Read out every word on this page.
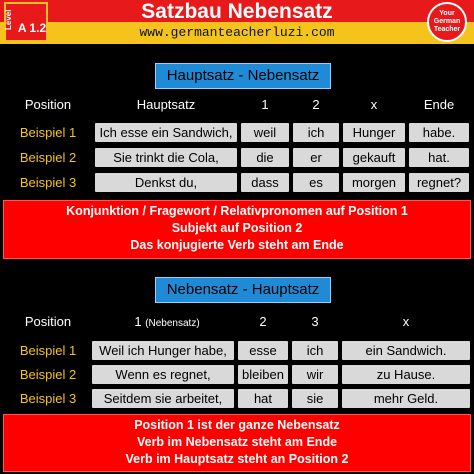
Satzbau Nebensatz
www.germanteacherluzi.com
Level A 1.2
Your
German
Teacher
Hauptsatz - Nebensatz
Position	Hauptsatz	1	2	x	Ende
Beispiel 1	Ich esse ein Sandwich,	weil	ich	Hunger	habe.
Beispiel 2	Sie trinkt die Cola,	die	er	gekauft	hat.
Beispiel 3	Denkst du,	dass	es	morgen	regnet?
Konjunktion / Fragewort / Relativpronomen auf Position 1
Subjekt auf Position 2
Das konjugierte Verb steht am Ende
Nebensatz - Hauptsatz
Position	1 (Nebensatz)	2	3	x
Beispiel 1	Weil ich Hunger habe,	esse	ich	ein Sandwich.
Beispiel 2	Wenn es regnet,	bleiben	wir	zu Hause.
Beispiel 3	Seitdem sie arbeitet,	hat	sie	mehr Geld.
Position 1 ist der ganze Nebensatz
Verb im Nebensatz steht am Ende
Verb im Hauptsatz steht an Position 2
